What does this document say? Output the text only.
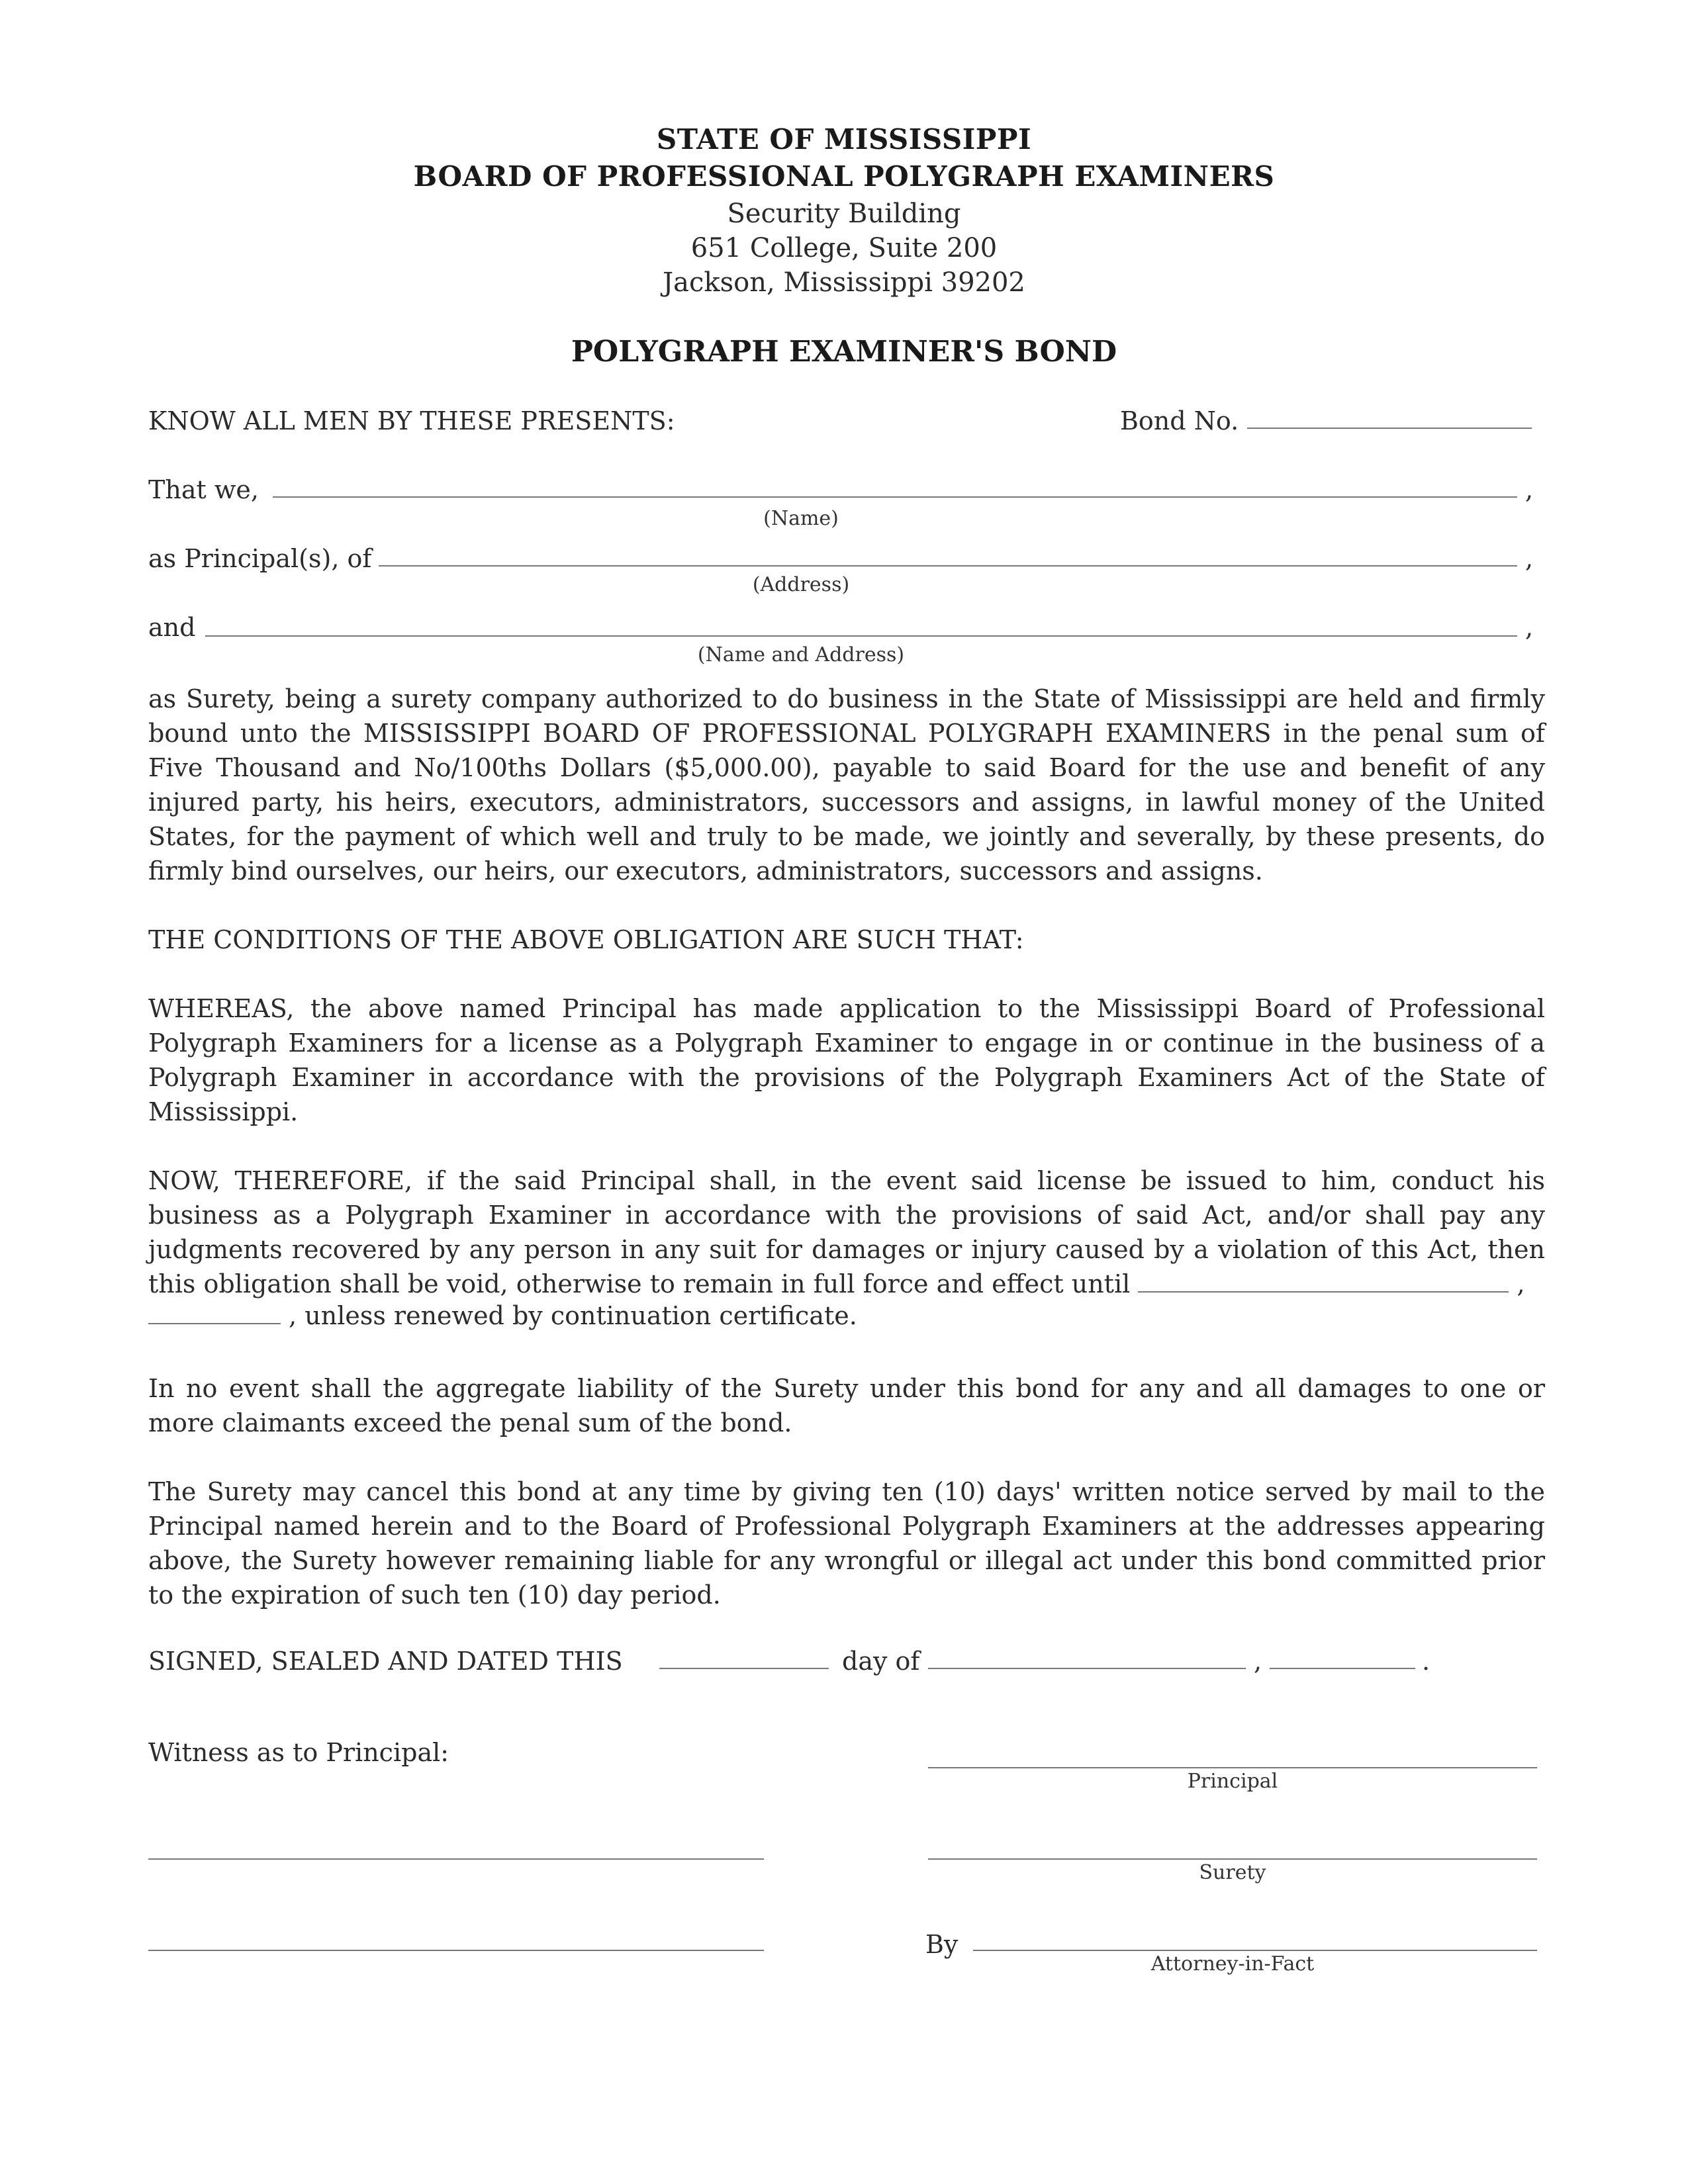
STATE OF MISSISSIPPI
BOARD OF PROFESSIONAL POLYGRAPH EXAMINERS
Security Building
651 College, Suite 200
Jackson, Mississippi 39202
POLYGRAPH EXAMINER'S BOND
KNOW ALL MEN BY THESE PRESENTS:	Bond No.
That we,	,
(Name)
as Principal(s), of	,
(Address)
and	,
(Name and Address)

as Surety, being a surety company authorized to do business in the State of Mississippi are held and firmly bound unto the MISSISSIPPI BOARD OF PROFESSIONAL POLYGRAPH EXAMINERS in the penal sum of Five Thousand and No/100ths Dollars ($5,000.00), payable to said Board for the use and benefit of any injured party, his heirs, executors, administrators, successors and assigns, in lawful money of the United States, for the payment of which well and truly to be made, we jointly and severally, by these presents, do firmly bind ourselves, our heirs, our executors, administrators, successors and assigns.

THE CONDITIONS OF THE ABOVE OBLIGATION ARE SUCH THAT:

WHEREAS, the above named Principal has made application to the Mississippi Board of Professional Polygraph Examiners for a license as a Polygraph Examiner to engage in or continue in the business of a Polygraph Examiner in accordance with the provisions of the Polygraph Examiners Act of the State of Mississippi.

NOW, THEREFORE, if the said Principal shall, in the event said license be issued to him, conduct his business as a Polygraph Examiner in accordance with the provisions of said Act, and/or shall pay any judgments recovered by any person in any suit for damages or injury caused by a violation of this Act, then this obligation shall be void, otherwise to remain in full force and effect until	,

, unless renewed by continuation certificate.

In no event shall the aggregate liability of the Surety under this bond for any and all damages to one or more claimants exceed the penal sum of the bond.

The Surety may cancel this bond at any time by giving ten (10) days' written notice served by mail to the Principal named herein and to the Board of Professional Polygraph Examiners at the addresses appearing above, the Surety however remaining liable for any wrongful or illegal act under this bond committed prior to the expiration of such ten (10) day period.

SIGNED, SEALED AND DATED THIS	day of	,	.
Witness as to Principal:
Principal
Surety
By
Attorney-in-Fact
